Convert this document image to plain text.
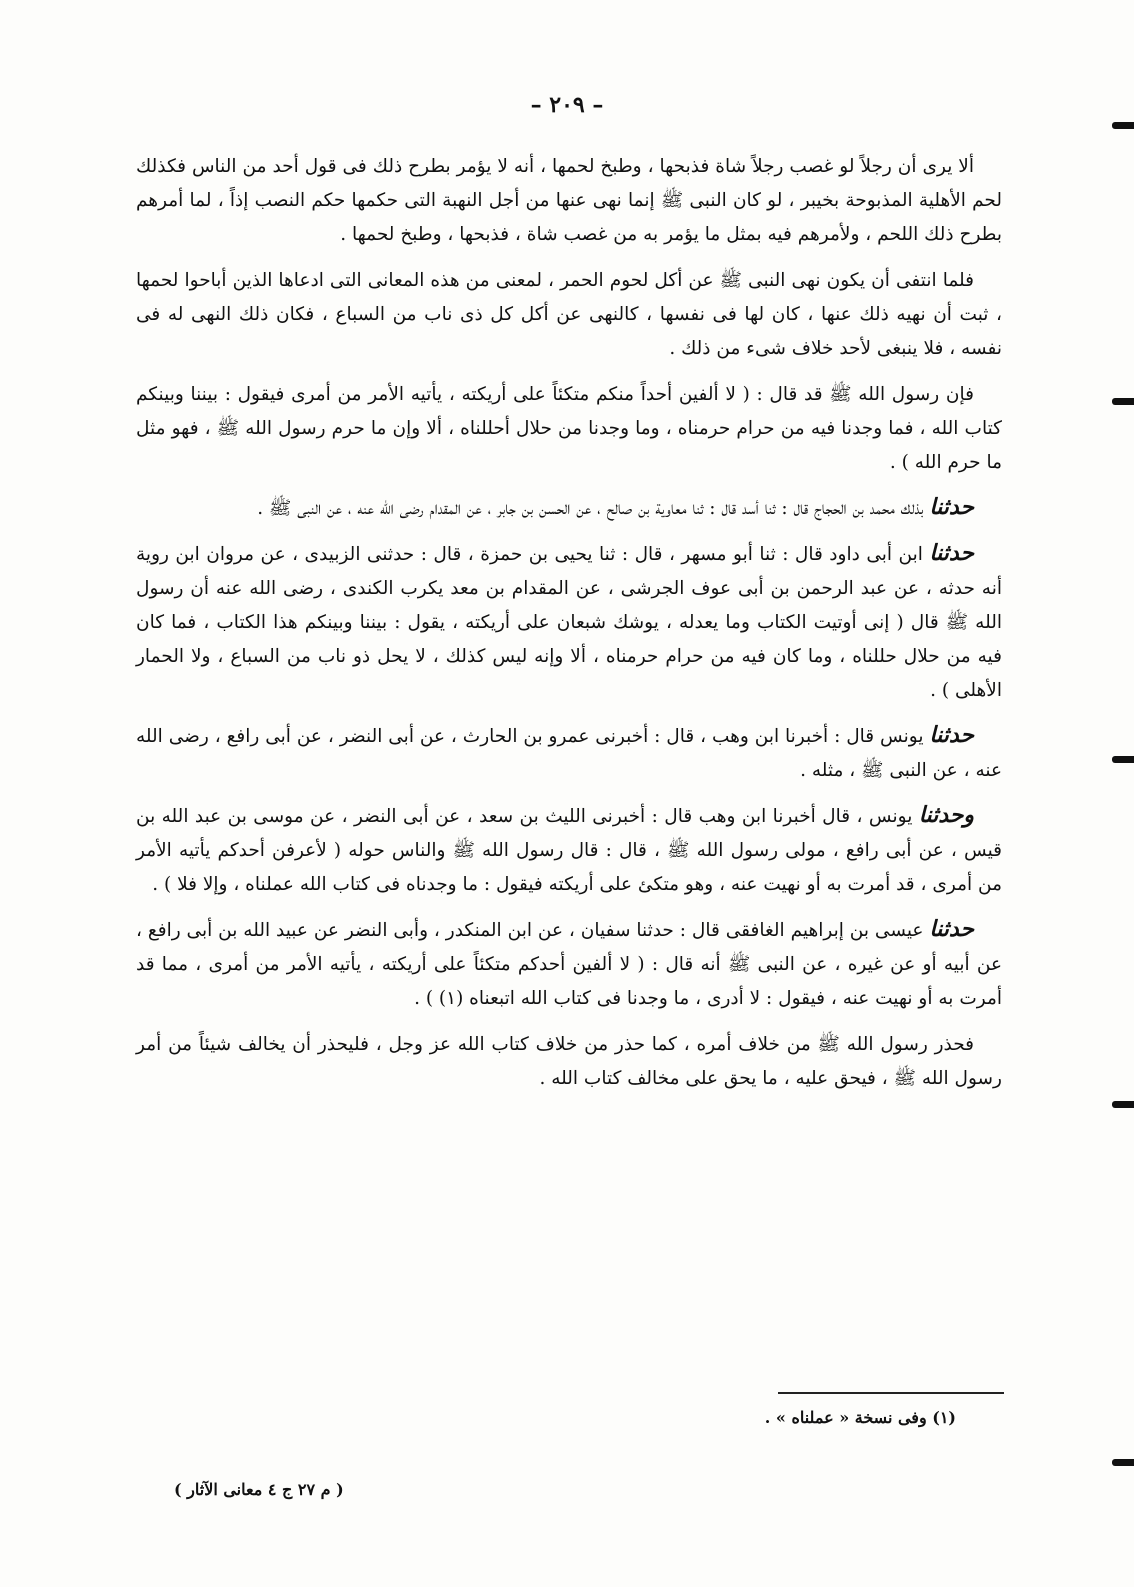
– ٢٠٩ –

ألا يرى أن رجلاً لو غصب رجلاً شاة فذبحها ، وطبخ لحمها ، أنه لا يؤمر بطرح ذلك فى قول أحد من الناس فكذلك لحم الأهلية المذبوحة بخيبر ، لو كان النبى ﷺ إنما نهى عنها من أجل النهبة التى حكمها حكم النصب إذاً ، لما أمرهم بطرح ذلك اللحم ، ولأمرهم فيه بمثل ما يؤمر به من غصب شاة ، فذبحها ، وطبخ لحمها .

فلما انتفى أن يكون نهى النبى ﷺ عن أكل لحوم الحمر ، لمعنى من هذه المعانى التى ادعاها الذين أباحوا لحمها ، ثبت أن نهيه ذلك عنها ، كان لها فى نفسها ، كالنهى عن أكل كل ذى ناب من السباع ، فكان ذلك النهى له فى نفسه ، فلا ينبغى لأحد خلاف شىء من ذلك .

فإن رسول الله ﷺ قد قال : ( لا ألفين أحداً منكم متكئاً على أريكته ، يأتيه الأمر من أمرى فيقول : بيننا وبينكم كتاب الله ، فما وجدنا فيه من حرام حرمناه ، وما وجدنا من حلال أحللناه ، ألا وإن ما حرم رسول الله ﷺ ، فهو مثل ما حرم الله ) .

حدثنا بذلك محمد بن الحجاج قال : ثنا أسد قال : ثنا معاوية بن صالح ، عن الحسن بن جابر ، عن المقدام رضى الله عنه ، عن النبى ﷺ .

حدثنا ابن أبى داود قال : ثنا أبو مسهر ، قال : ثنا يحيى بن حمزة ، قال : حدثنى الزبيدى ، عن مروان ابن روية أنه حدثه ، عن عبد الرحمن بن أبى عوف الجرشى ، عن المقدام بن معد يكرب الكندى ، رضى الله عنه أن رسول الله ﷺ قال ( إنى أوتيت الكتاب وما يعدله ، يوشك شبعان على أريكته ، يقول : بيننا وبينكم هذا الكتاب ، فما كان فيه من حلال حللناه ، وما كان فيه من حرام حرمناه ، ألا وإنه ليس كذلك ، لا يحل ذو ناب من السباع ، ولا الحمار الأهلى ) .

حدثنا يونس قال : أخبرنا ابن وهب ، قال : أخبرنى عمرو بن الحارث ، عن أبى النضر ، عن أبى رافع ، رضى الله عنه ، عن النبى ﷺ ، مثله .

وحدثنا يونس ، قال أخبرنا ابن وهب قال : أخبرنى الليث بن سعد ، عن أبى النضر ، عن موسى بن عبد الله بن قيس ، عن أبى رافع ، مولى رسول الله ﷺ ، قال : قال رسول الله ﷺ والناس حوله ( لأعرفن أحدكم يأتيه الأمر من أمرى ، قد أمرت به أو نهيت عنه ، وهو متكئ على أريكته فيقول : ما وجدناه فى كتاب الله عملناه ، وإلا فلا ) .

حدثنا عيسى بن إبراهيم الغافقى قال : حدثنا سفيان ، عن ابن المنكدر ، وأبى النضر عن عبيد الله بن أبى رافع ، عن أبيه أو عن غيره ، عن النبى ﷺ أنه قال : ( لا ألفين أحدكم متكئاً على أريكته ، يأتيه الأمر من أمرى ، مما قد أمرت به أو نهيت عنه ، فيقول : لا أدرى ، ما وجدنا فى كتاب الله اتبعناه (١) ) .

فحذر رسول الله ﷺ من خلاف أمره ، كما حذر من خلاف كتاب الله عز وجل ، فليحذر أن يخالف شيئاً من أمر رسول الله ﷺ ، فيحق عليه ، ما يحق على مخالف كتاب الله .

(١) وفى نسخة « عملناه » .
( م ٢٧ ج ٤ معانى الآثار )
